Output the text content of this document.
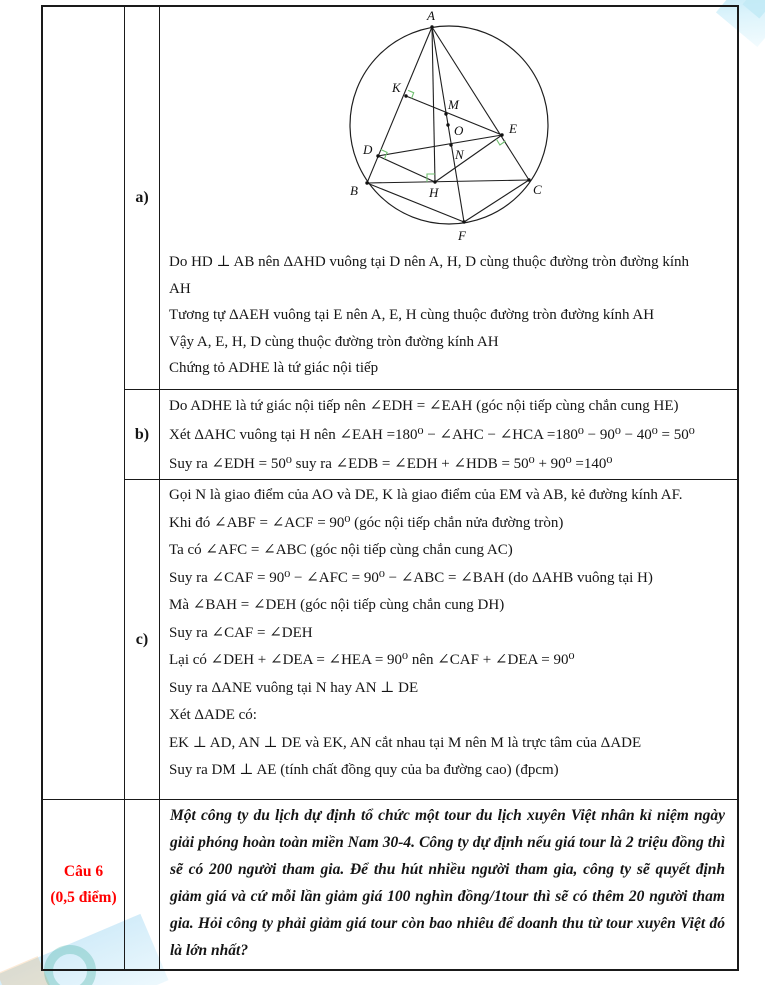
a)
A
B	C
D
E
F
H
K
M
N
O
Do HD ⊥ AB nên ΔAHD vuông tại D nên A, H, D cùng thuộc đường tròn đường kính
AH
Tương tự ΔAEH vuông tại E nên A, E, H cùng thuộc đường tròn đường kính AH
Vậy A, E, H, D cùng thuộc đường tròn đường kính AH
Chứng tỏ ADHE là tứ giác nội tiếp
b)
Do ADHE là tứ giác nội tiếp nên ∠EDH = ∠EAH (góc nội tiếp cùng chắn cung HE)
Xét ΔAHC vuông tại H nên ∠EAH =180⁰ − ∠AHC − ∠HCA =180⁰ − 90⁰ − 40⁰ = 50⁰
Suy ra ∠EDH = 50⁰ suy ra ∠EDB = ∠EDH + ∠HDB = 50⁰ + 90⁰ =140⁰
c)
Gọi N là giao điểm của AO và DE, K là giao điểm của EM và AB, kẻ đường kính AF.
Khi đó ∠ABF = ∠ACF = 90⁰ (góc nội tiếp chắn nửa đường tròn)
Ta có ∠AFC = ∠ABC (góc nội tiếp cùng chắn cung AC)
Suy ra ∠CAF = 90⁰ − ∠AFC = 90⁰ − ∠ABC = ∠BAH (do ΔAHB vuông tại H)
Mà ∠BAH = ∠DEH (góc nội tiếp cùng chắn cung DH)
Suy ra ∠CAF = ∠DEH
Lại có ∠DEH + ∠DEA = ∠HEA = 90⁰ nên ∠CAF + ∠DEA = 90⁰
Suy ra ΔANE vuông tại N hay AN ⊥ DE
Xét ΔADE có:
EK ⊥ AD, AN ⊥ DE và EK, AN cắt nhau tại M nên M là trực tâm của ΔADE
Suy ra DM ⊥ AE (tính chất đồng quy của ba đường cao) (đpcm)
Câu 6
(0,5 điểm)

Một công ty du lịch dự định tổ chức một tour du lịch xuyên Việt nhân kỉ niệm ngày giải phóng hoàn toàn miền Nam 30-4. Công ty dự định nếu giá tour là 2 triệu đồng thì sẽ có 200 người tham gia. Để thu hút nhiều người tham gia, công ty sẽ quyết định giảm giá và cứ mỗi lần giảm giá 100 nghìn đồng/1tour thì sẽ có thêm 20 người tham gia. Hỏi công ty phải giảm giá tour còn bao nhiêu để doanh thu từ tour xuyên Việt đó là lớn nhất?
